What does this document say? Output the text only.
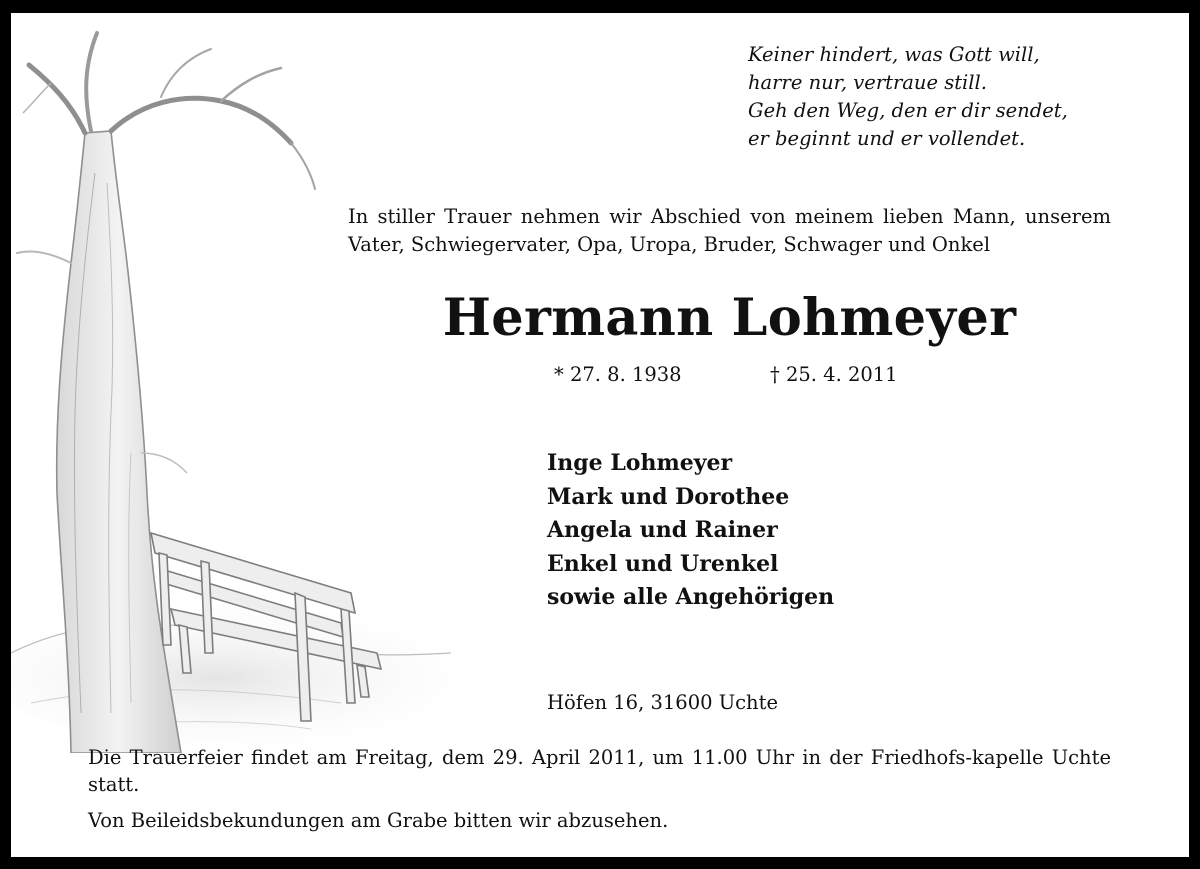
Keiner hindert, was Gott will,
harre nur, vertraue still.
Geh den Weg, den er dir sendet,
er beginnt und er vollendet.
In stiller Trauer nehmen wir Abschied von meinem lieben Mann, unserem Vater, Schwiegervater, Opa, Uropa, Bruder, Schwager und Onkel
Hermann Lohmeyer
* 27. 8. 1938	† 25. 4. 2011
Inge Lohmeyer
Mark und Dorothee
Angela und Rainer
Enkel und Urenkel
sowie alle Angehörigen
Höfen 16, 31600 Uchte
Die Trauerfeier findet am Freitag, dem 29. April 2011, um 11.00 Uhr in der Friedhofs-kapelle Uchte statt.
Von Beileidsbekundungen am Grabe bitten wir abzusehen.
